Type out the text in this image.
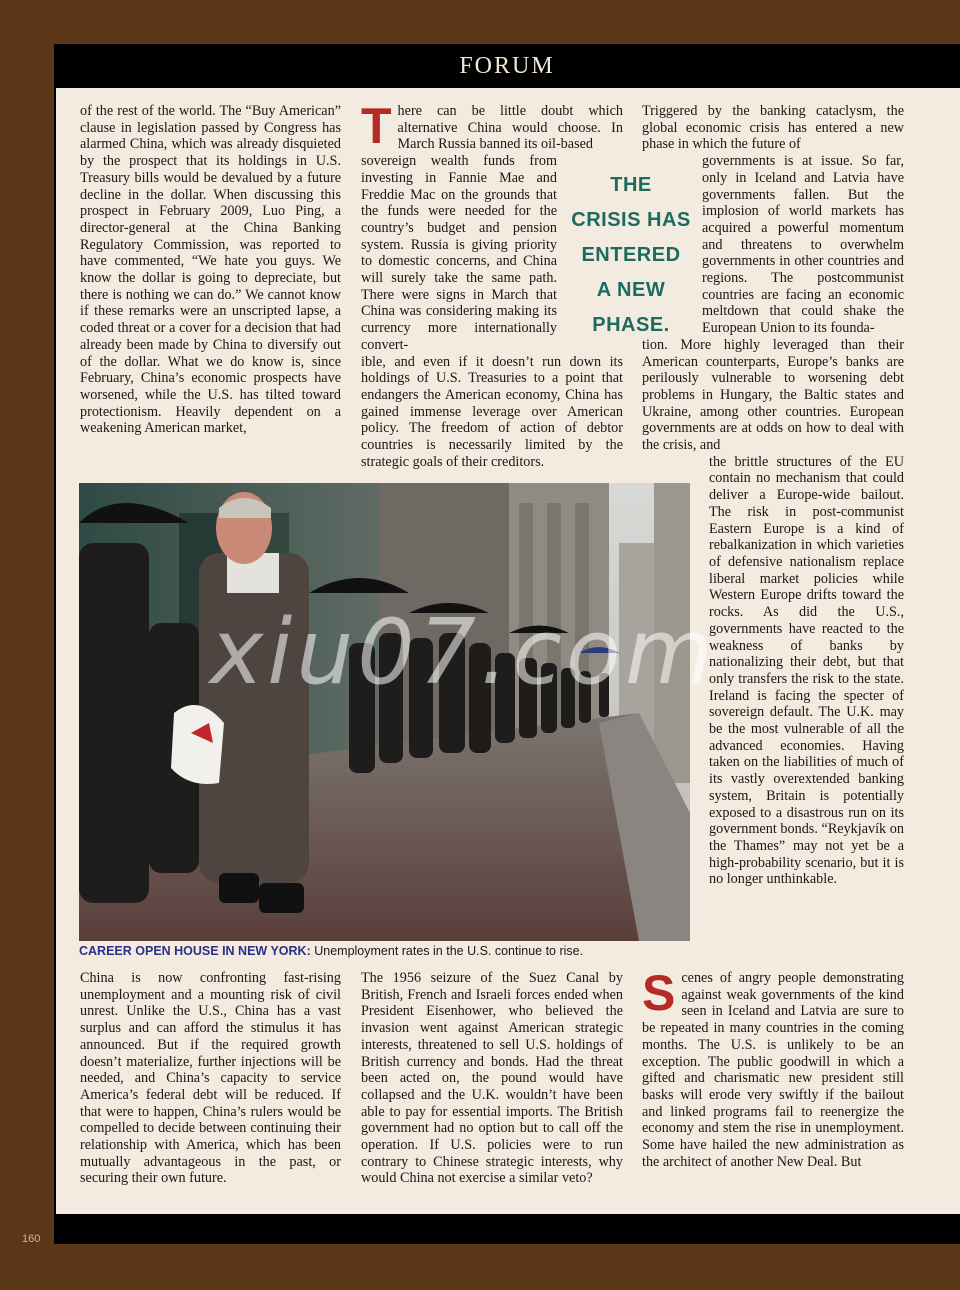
FORUM

of the rest of the world. The “Buy American” clause in legislation passed by Congress has alarmed China, which was already disquieted by the prospect that its holdings in U.S. Treasury bills would be devalued by a future decline in the dollar. When discussing this prospect in February 2009, Luo Ping, a director-general at the China Banking Regulatory Commission, was reported to have commented, “We hate you guys. We know the dollar is going to depreciate, but there is nothing we can do.” We cannot know if these remarks were an unscripted lapse, a coded threat or a cover for a decision that had already been made by China to diversify out of the dollar. What we do know is, since February, China’s economic prospects have worsened, while the U.S. has tilted toward protectionism. Heavily dependent on a weakening American market,

T here can be little doubt which alternative China would choose. In March Russia banned its oil-based

sovereign wealth funds from investing in Fannie Mae and Freddie Mac on the grounds that the funds were needed for the country’s budget and pension system. Russia is giving priority to domestic concerns, and China will surely take the same path. There were signs in March that China was considering making its currency more internationally convert-

ible, and even if it doesn’t run down its holdings of U.S. Treasuries to a point that endangers the American economy, China has gained immense leverage over American policy. The freedom of action of debtor countries is necessarily limited by the strategic goals of their creditors.

THE
CRISIS HAS
ENTERED
A NEW
PHASE.

Triggered by the banking cataclysm, the global economic crisis has entered a new phase in which the future of

governments is at issue. So far, only in Iceland and Latvia have governments fallen. But the implosion of world markets has acquired a powerful momentum and threatens to overwhelm governments in other countries and regions. The postcommunist countries are facing an economic meltdown that could shake the European Union to its founda-

tion. More highly leveraged than their American counterparts, Europe’s banks are perilously vulnerable to worsening debt problems in Hungary, the Baltic states and Ukraine, among other countries. European governments are at odds on how to deal with the crisis, and

the brittle structures of the EU contain no mechanism that could deliver a Europe-wide bailout. The risk in post-communist Eastern Europe is a kind of rebalkanization in which varieties of defensive nationalism replace liberal market policies while Western Europe drifts toward the rocks. As did the U.S., governments have reacted to the weakness of banks by nationalizing their debt, but that only transfers the risk to the state. Ireland is facing the specter of sovereign default. The U.K. may be the most vulnerable of all the advanced economies. Having taken on the liabilities of much of its vastly overextended banking system, Britain is potentially exposed to a disastrous run on its government bonds. “Reykjavík on the Thames” may not yet be a high-probability scenario, but it is no longer unthinkable.

xiu07.com
CAREER OPEN HOUSE IN NEW YORK: Unemployment rates in the U.S. continue to rise.

China is now confronting fast-rising unemployment and a mounting risk of civil unrest. Unlike the U.S., China has a vast surplus and can afford the stimulus it has announced. But if the required growth doesn’t materialize, further injections will be needed, and China’s capacity to service America’s federal debt will be reduced. If that were to happen, China’s rulers would be compelled to decide between continuing their relationship with America, which has been mutually advantageous in the past, or securing their own future.

The 1956 seizure of the Suez Canal by British, French and Israeli forces ended when President Eisenhower, who believed the invasion went against American strategic interests, threatened to sell U.S. holdings of British currency and bonds. Had the threat been acted on, the pound would have collapsed and the U.K. wouldn’t have been able to pay for essential imports. The British government had no option but to call off the operation. If U.S. policies were to run contrary to Chinese strategic interests, why would China not exercise a similar veto?

S cenes of angry people demonstrating against weak governments of the kind seen in Iceland and Latvia are sure to be repeated in many countries in the coming months. The U.S. is unlikely to be an exception. The public goodwill in which a gifted and charismatic new president still basks will erode very swiftly if the bailout and linked programs fail to reenergize the economy and stem the rise in unemployment. Some have hailed the new administration as the architect of another New Deal. But

160
